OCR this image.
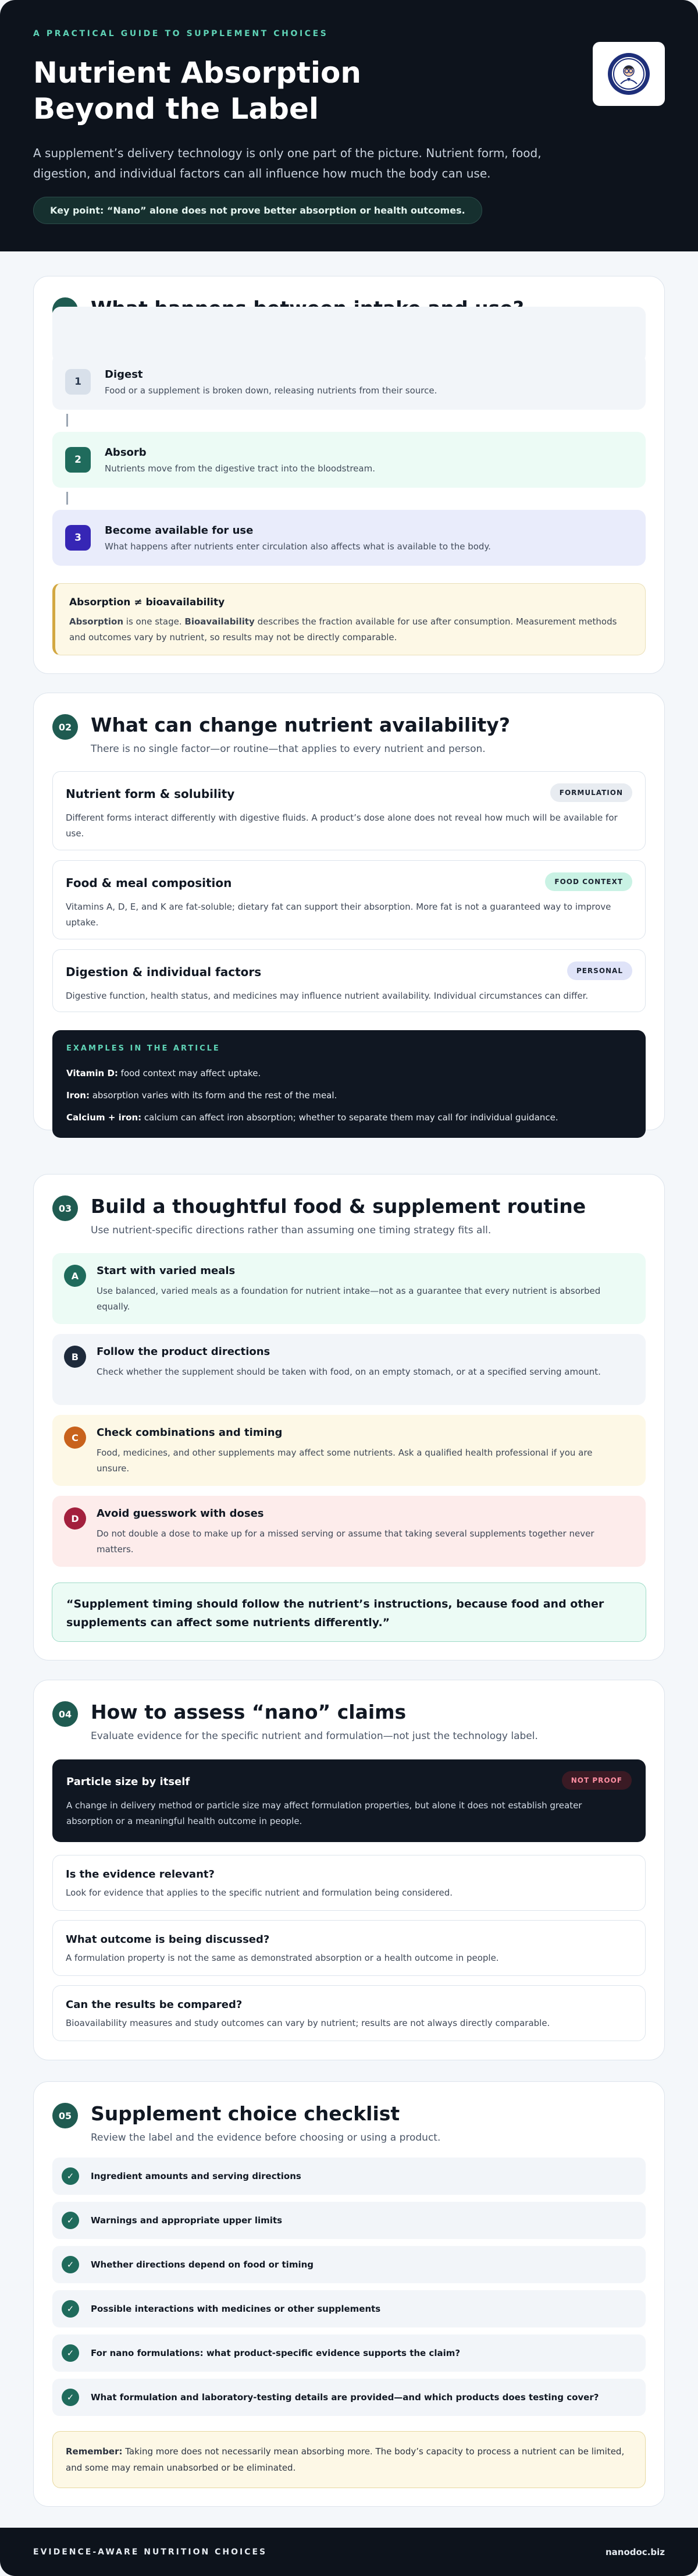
A PRACTICAL GUIDE TO SUPPLEMENT CHOICES
Nutrient Absorption Beyond the Label

A supplement’s delivery technology is only one part of the picture. Nutrient form, food, digestion, and individual factors can all influence how much the body can use.

Key point: “Nano” alone does not prove better absorption or health outcomes.
1
Digest
Food or a supplement is broken down, releasing nutrients from their source.
2
Absorb
Nutrients move from the digestive tract into the bloodstream.
3
Become available for use
What happens after nutrients enter circulation also affects what is available to the body.
Absorption ≠ bioavailability
Absorption is one stage. Bioavailability describes the fraction available for use after consumption. Measurement methods and outcomes vary by nutrient, so results may not be directly comparable.
02 What can change nutrient availability?
There is no single factor—or routine—that applies to every nutrient and person.
Nutrient form & solubility	FORMULATION
Different forms interact differently with digestive fluids. A product’s dose alone does not reveal how much will be available for use.
Food & meal composition	FOOD CONTEXT
Vitamins A, D, E, and K are fat-soluble; dietary fat can support their absorption. More fat is not a guaranteed way to improve uptake.
Digestion & individual factors	PERSONAL
Digestive function, health status, and medicines may influence nutrient availability. Individual circumstances can differ.
EXAMPLES IN THE ARTICLE
Vitamin D: food context may affect uptake.
Iron: absorption varies with its form and the rest of the meal.
Calcium + iron: calcium can affect iron absorption; whether to separate them may call for individual guidance.
03 Build a thoughtful food & supplement routine
Use nutrient-specific directions rather than assuming one timing strategy fits all.
A	Start with varied meals
Use balanced, varied meals as a foundation for nutrient intake—not as a guarantee that every nutrient is absorbed equally.
B	Follow the product directions
Check whether the supplement should be taken with food, on an empty stomach, or at a specified serving amount.
C	Check combinations and timing
Food, medicines, and other supplements may affect some nutrients. Ask a qualified health professional if you are unsure.
D	Avoid guesswork with doses
Do not double a dose to make up for a missed serving or assume that taking several supplements together never matters.
“Supplement timing should follow the nutrient’s instructions, because food and other supplements can affect some nutrients differently.”
04 How to assess “nano” claims
Evaluate evidence for the specific nutrient and formulation—not just the technology label.
Particle size by itself	NOT PROOF
A change in delivery method or particle size may affect formulation properties, but alone it does not establish greater absorption or a meaningful health outcome in people.
Is the evidence relevant?
Look for evidence that applies to the specific nutrient and formulation being considered.
What outcome is being discussed?
A formulation property is not the same as demonstrated absorption or a health outcome in people.
Can the results be compared?
Bioavailability measures and study outcomes can vary by nutrient; results are not always directly comparable.
05 Supplement choice checklist
Review the label and the evidence before choosing or using a product.
✓	Ingredient amounts and serving directions
✓	Warnings and appropriate upper limits
✓	Whether directions depend on food or timing
✓	Possible interactions with medicines or other supplements
✓	For nano formulations: what product-specific evidence supports the claim?
✓	What formulation and laboratory-testing details are provided—and which products does testing cover?
Remember: Taking more does not necessarily mean absorbing more. The body’s capacity to process a nutrient can be limited, and some may remain unabsorbed or be eliminated.
EVIDENCE-AWARE NUTRITION CHOICES	nanodoc.biz
